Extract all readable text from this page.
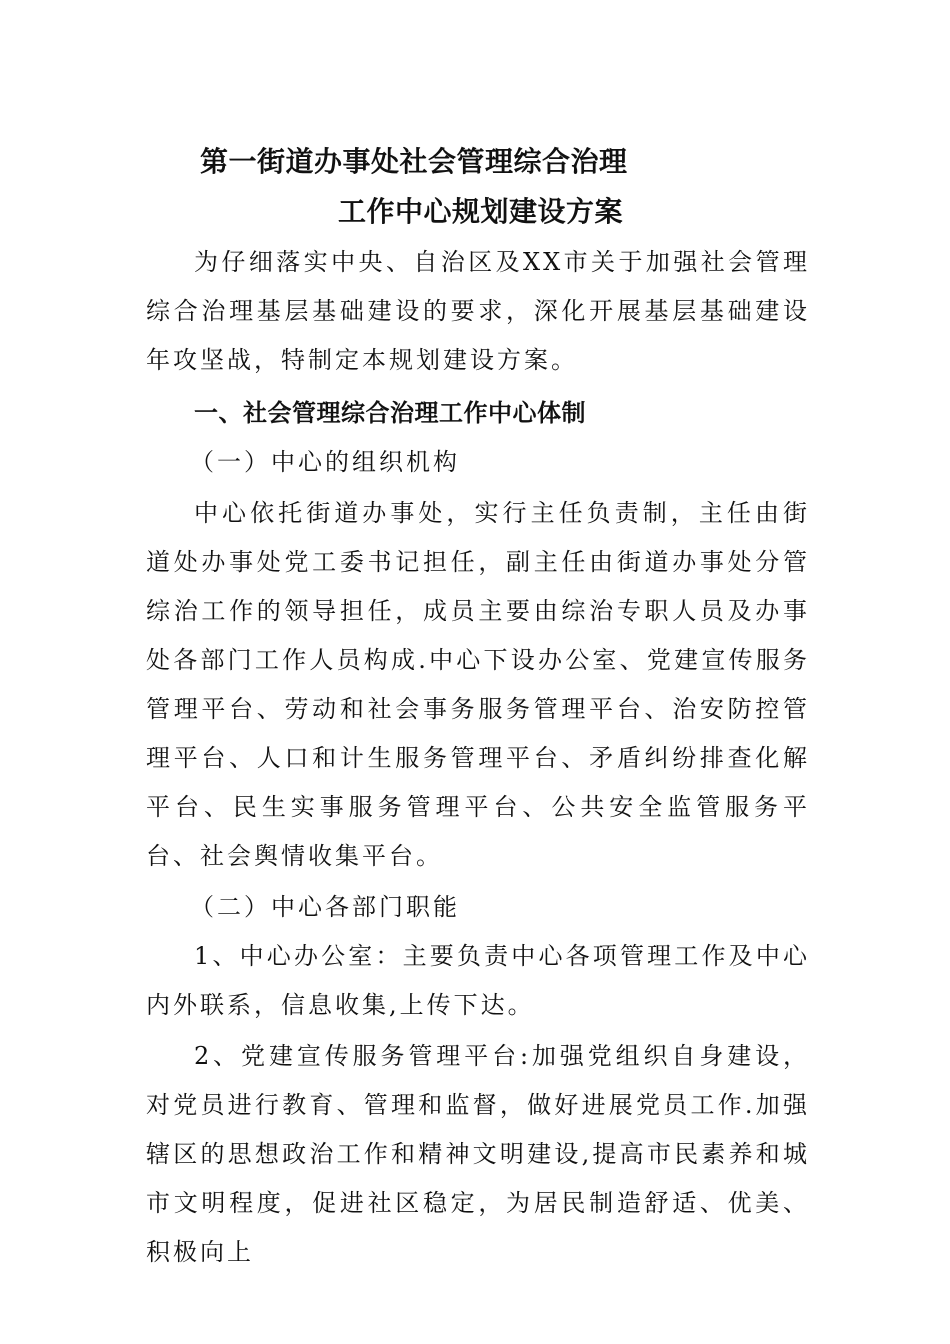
第一街道办事处社会管理综合治理
工作中心规划建设方案

为仔细落实中央、自治区及XX市关于加强社会管理综合治理基层基础建设的要求，深化开展基层基础建设年攻坚战，特制定本规划建设方案。

一、社会管理综合治理工作中心体制

（一）中心的组织机构

中心依托街道办事处，实行主任负责制，主任由街道处办事处党工委书记担任，副主任由街道办事处分管综治工作的领导担任，成员主要由综治专职人员及办事处各部门工作人员构成.中心下设办公室、党建宣传服务管理平台、劳动和社会事务服务管理平台、治安防控管理平台、人口和计生服务管理平台、矛盾纠纷排查化解平台、民生实事服务管理平台、公共安全监管服务平台、社会舆情收集平台。

（二）中心各部门职能

1、中心办公室：主要负责中心各项管理工作及中心内外联系，信息收集,上传下达。

2、党建宣传服务管理平台:加强党组织自身建设，对党员进行教育、管理和监督，做好进展党员工作.加强辖区的思想政治工作和精神文明建设,提高市民素养和城市文明程度，促进社区稳定，为居民制造舒适、优美、积极向上
